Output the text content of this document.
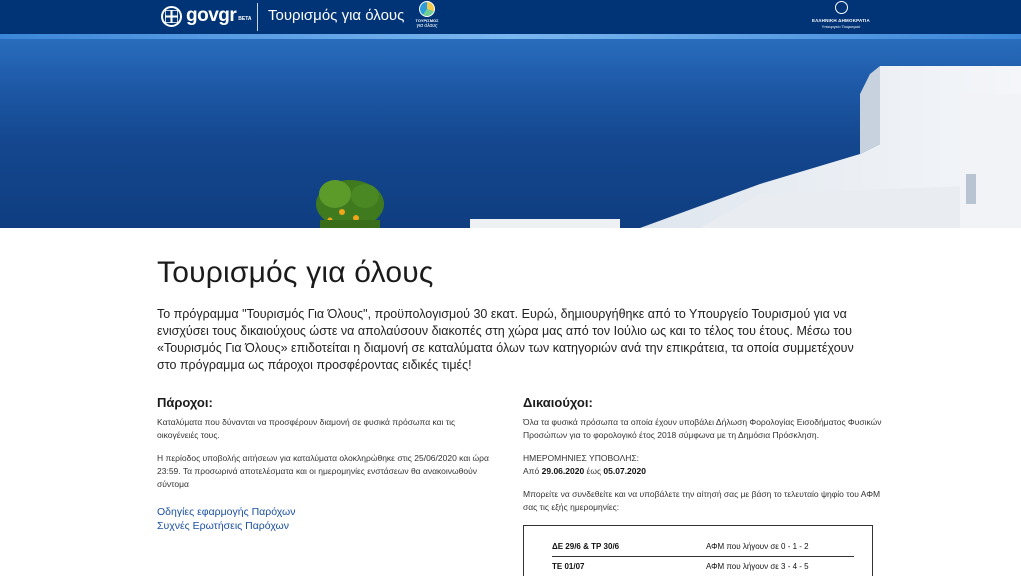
govgr BETA Τουρισμός για όλους	ΤΟΥΡΙΣΜΟΣ
για όλους
ΕΛΛΗΝΙΚΗ ΔΗΜΟΚΡΑΤΙΑ
Υπουργείο Τουρισμού
Τουρισμός για όλους

Το πρόγραμμα "Τουρισμός Για Όλους", προϋπολογισμού 30 εκατ. Ευρώ, δημιουργήθηκε από το Υπουργείο Τουρισμού για να ενισχύσει τους δικαιούχους ώστε να απολαύσουν διακοπές στη χώρα μας από τον Ιούλιο ως και το τέλος του έτους. Μέσω του «Τουρισμός Για Όλους» επιδοτείται η διαμονή σε καταλύματα όλων των κατηγοριών ανά την επικράτεια, τα οποία συμμετέχουν στο πρόγραμμα ως πάροχοι προσφέροντας ειδικές τιμές!

Πάροχοι:

Καταλύματα που δύνανται να προσφέρουν διαμονή σε φυσικά πρόσωπα και τις οικογένειές τους.

Η περίοδος υποβολής αιτήσεων για καταλύματα ολοκληρώθηκε στις 25/06/2020 και ώρα 23:59. Τα προσωρινά αποτελέσματα και οι ημερομηνίες ενστάσεων θα ανακοινωθούν σύντομα

Οδηγίες εφαρμογής Παρόχων
Συχνές Ερωτήσεις Παρόχων
Δικαιούχοι:

Όλα τα φυσικά πρόσωπα τα οποία έχουν υποβάλει Δήλωση Φορολογίας Εισοδήματος Φυσικών Προσώπων για το φορολογικό έτος 2018 σύμφωνα με τη Δημόσια Πρόσκληση.

ΗΜΕΡΟΜΗΝΙΕΣ ΥΠΟΒΟΛΗΣ:

Από 29.06.2020 έως 05.07.2020

Μπορείτε να συνδεθείτε και να υποβάλετε την αίτησή σας με βάση το τελευταίο ψηφίο του ΑΦΜ σας τις εξής ημερομηνίες:

ΔΕ 29/6 & ΤΡ 30/6	ΑΦΜ που λήγουν σε 0 - 1 - 2
ΤΕ 01/07	ΑΦΜ που λήγουν σε 3 - 4 - 5
